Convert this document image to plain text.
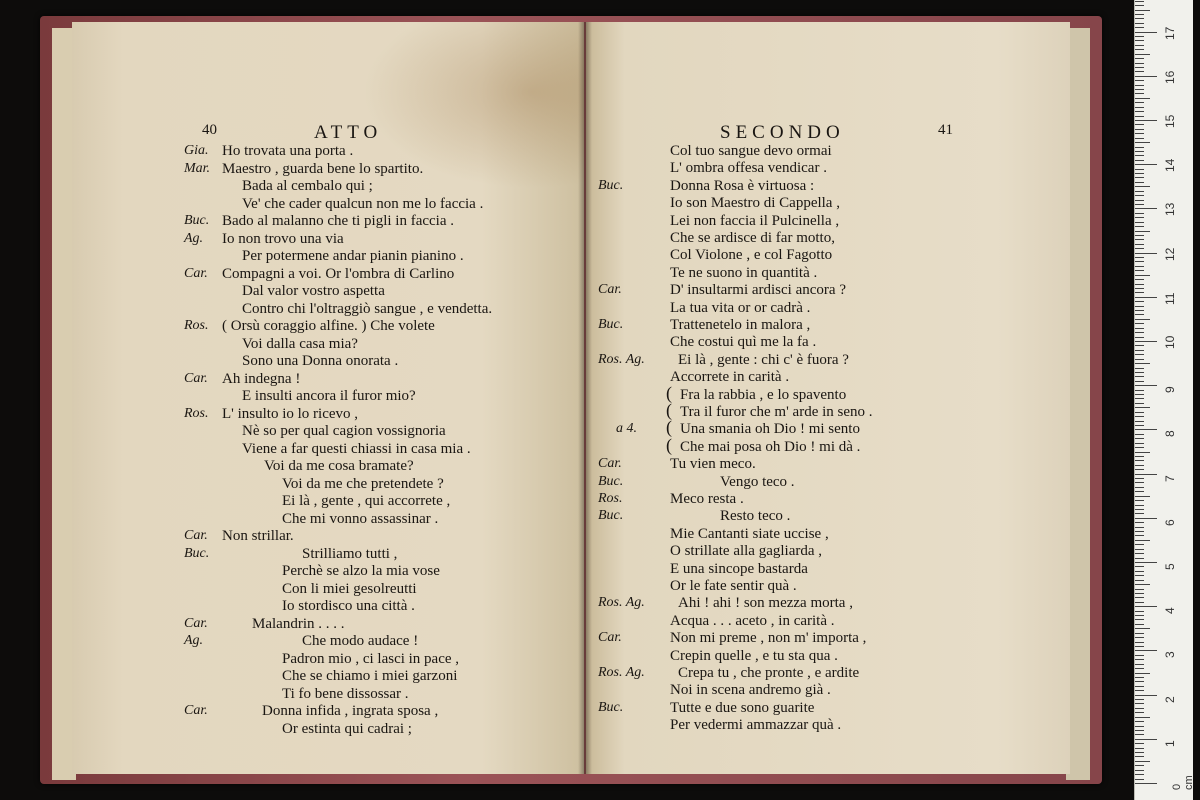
40	ATTO
Gia. Ho trovata una porta .
Mar. Maestro , guarda bene lo spartito.
Bada al cembalo qui ;
Ve' che cader qualcun non me lo faccia .
Buc. Bado al malanno che ti pigli in faccia .
Ag. Io non trovo una via
Per potermene andar pianin pianino .
Car. Compagni a voi. Or l'ombra di Carlino
Dal valor vostro aspetta
Contro chi l'oltraggiò sangue , e vendetta.
Ros. ( Orsù coraggio alfine. ) Che volete
Voi dalla casa mia?
Sono una Donna onorata .
Car. Ah indegna !
E insulti ancora il furor mio?
Ros. L' insulto io lo ricevo ,
Nè so per qual cagion vossignoria
Viene a far questi chiassi in casa mia .
Voi da me cosa bramate?
Voi da me che pretendete ?
Ei là , gente , qui accorrete ,
Che mi vonno assassinar .
Car. Non strillar.
Buc.	Strilliamo tutti ,
Perchè se alzo la mia vose
Con li miei gesolreutti
Io stordisco una città .
Car.	Malandrin . . . .
Ag.	Che modo audace !
Padron mio , ci lasci in pace ,
Che se chiamo i miei garzoni
Ti fo bene dissossar .
Car.	Donna infida , ingrata sposa ,
Or estinta qui cadrai ;
SECONDO	41
Col tuo sangue devo ormai
L' ombra offesa vendicar .
Buc.	Donna Rosa è virtuosa :
Io son Maestro di Cappella ,
Lei non faccia il Pulcinella ,
Che se ardisce di far motto,
Col Violone , e col Fagotto
Te ne suono in quantità .
Car.	D' insultarmi ardisci ancora ?
La tua vita or or cadrà .
Buc.	Trattenetelo in malora ,
Che costui quì me la fa .
Ros. Ag. Ei là , gente : chi c' è fuora ?
Accorrete in carità .
Fra la rabbia , e lo spavento
Tra il furor che m' arde in seno .
a 4.	Una smania oh Dio ! mi sento
Che mai posa oh Dio ! mi dà .
Car.	Tu vien meco.
Buc.	Vengo teco .
Ros.	Meco resta .
Buc.	Resto teco .
Mie Cantanti siate uccise ,
O strillate alla gagliarda ,
E una sincope bastarda
Or le fate sentir quà .
Ros. Ag. Ahi ! ahi ! son mezza morta ,
Acqua . . . aceto , in carità .
Car.	Non mi preme , non m' importa ,
Crepin quelle , e tu sta qua .
Ros. Ag. Crepa tu , che pronte , e ardite
Noi in scena andremo già .
Buc.	Tutte e due sono guarite
Per vedermi ammazzar quà .
(
(
(
(
0 cm
1
2
3
4
5
6
7
8
9
10
11
12
13
14
15
16
17
